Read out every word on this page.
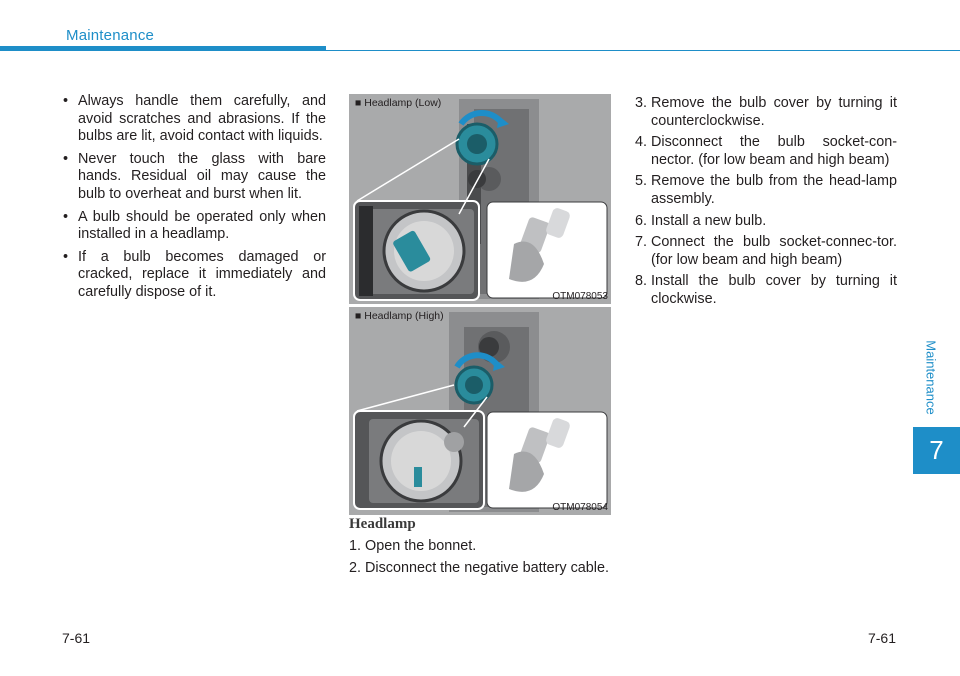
Maintenance
Maintenance
7
• Always handle them carefully, and avoid scratches and abrasions. If the bulbs are lit, avoid contact with liquids.
• Never touch the glass with bare hands. Residual oil may cause the bulb to overheat and burst when lit.
• A bulb should be operated only when installed in a headlamp.
• If a bulb becomes damaged or cracked, replace it immediately and carefully dispose of it.
■ Headlamp (Low)
OTM078053
■ Headlamp (High)
OTM078054
Headlamp
1. Open the bonnet.
2. Disconnect the negative battery cable.
3. Remove the bulb cover by turning it counterclockwise.
4. Disconnect the bulb socket-con-nector. (for low beam and high beam)
5. Remove the bulb from the head-lamp assembly.
6. Install a new bulb.
7. Connect the bulb socket-connec-tor. (for low beam and high beam)
8. Install the bulb cover by turning it clockwise.
7-61	7-61
